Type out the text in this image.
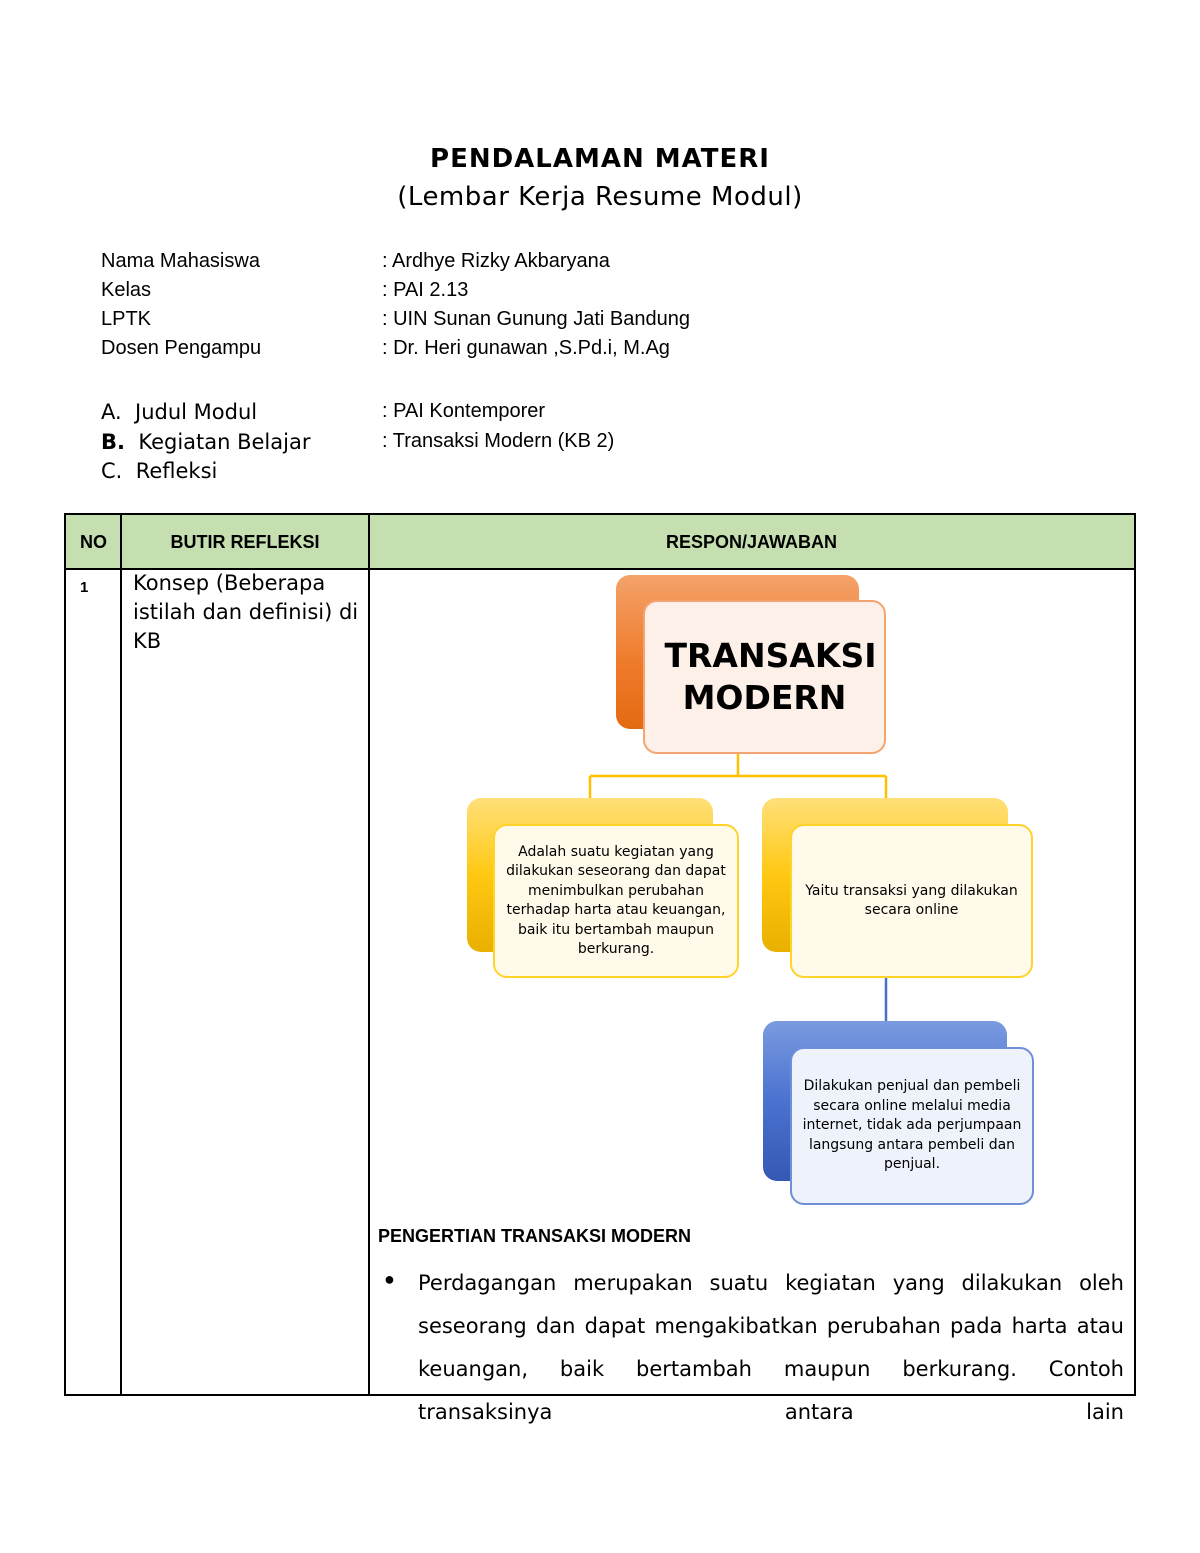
PENDALAMAN MATERI
(Lembar Kerja Resume Modul)
Nama Mahasiswa	: Ardhye Rizky Akbaryana
Kelas	: PAI 2.13
LPTK	: UIN Sunan Gunung Jati Bandung
Dosen Pengampu	: Dr. Heri gunawan ,S.Pd.i, M.Ag
A. Judul Modul	: PAI Kontemporer
B. Kegiatan Belajar	: Transaksi Modern (KB 2)
C. Refleksi
NO	BUTIR REFLEKSI	RESPON/JAWABAN
1 Konsep (Beberapa istilah dan definisi) di KB	TRANSAKSI MODERN
Adalah suatu kegiatan yang dilakukan seseorang dan dapat menimbulkan perubahan terhadap harta atau keuangan, baik itu bertambah maupun berkurang.
Yaitu transaksi yang dilakukan secara online
Dilakukan penjual dan pembeli secara online melalui media internet, tidak ada perjumpaan langsung antara pembeli dan penjual.
PENGERTIAN TRANSAKSI MODERN
● Perdagangan merupakan suatu kegiatan yang dilakukan oleh seseorang dan dapat mengakibatkan perubahan pada harta atau keuangan, baik bertambah maupun berkurang. Contoh transaksinya antara lain
